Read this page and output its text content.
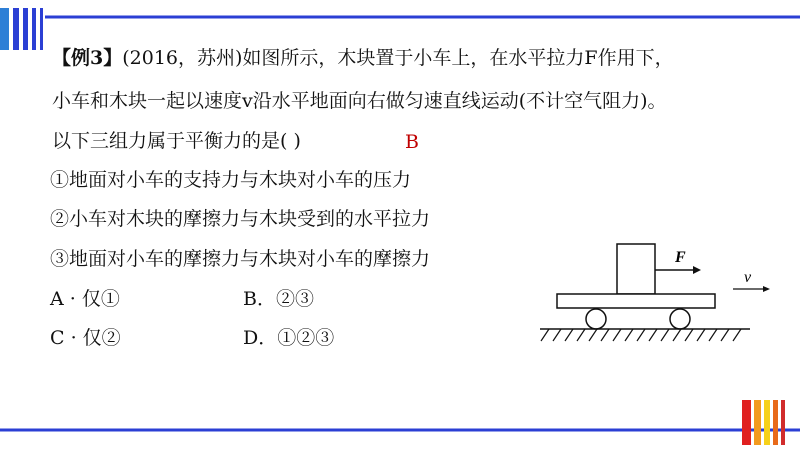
【例3】(2016，苏州)如图所示，木块置于小车上，在水平拉力F作用下，
小车和木块一起以速度v沿水平地面向右做匀速直线运动(不计空气阻力)。
以下三组力属于平衡力的是( )	B
①地面对小车的支持力与木块对小车的压力
②小车对木块的摩擦力与木块受到的水平拉力
③地面对小车的摩擦力与木块对小车的摩擦力
A · 仅①	B．②③
C · 仅②	D．①②③
F
v
